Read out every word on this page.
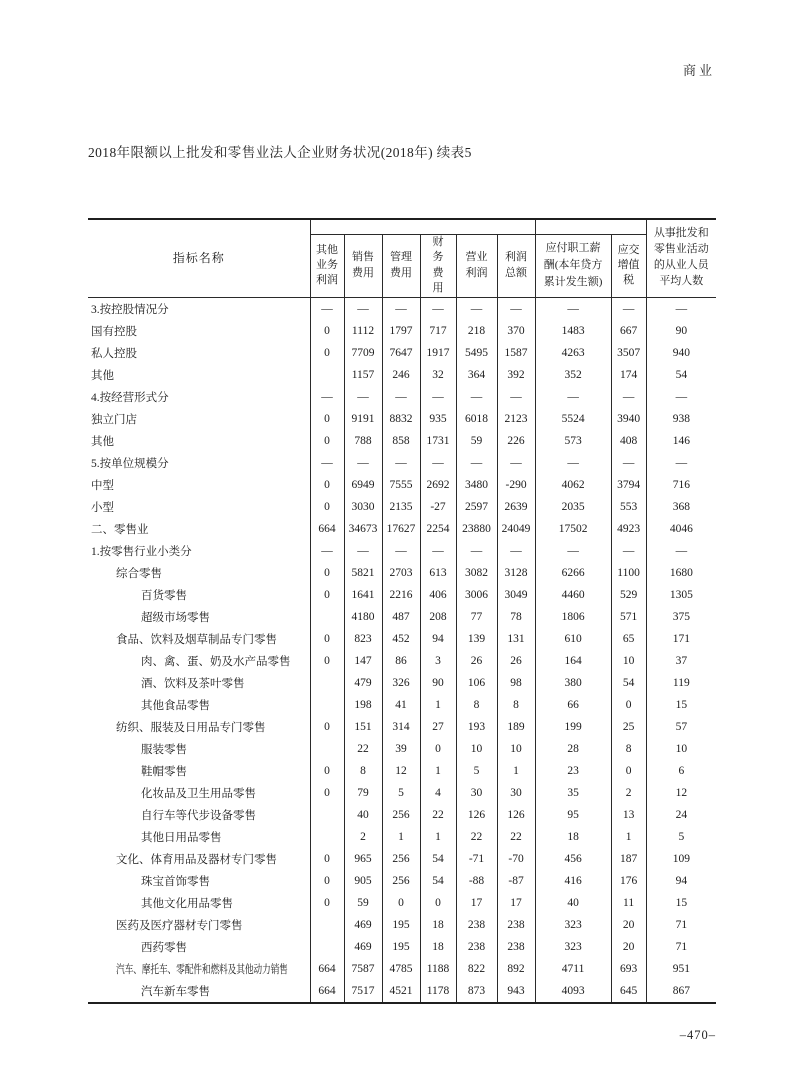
商业
2018年限额以上批发和零售业法人企业财务状况(2018年) 续表5
指标名称									从事批发和零售业活动的从业人员平均人数
	其他业务利润	销售费用	管理费用	财务费用	营业利润	利润总额	应付职工薪酬(本年贷方累计发生额)	应交增值税	
3.按控股情况分	—	—	—	—	—	—	—	—	—
国有控股	0	1112	1797	717	218	370	1483	667	90
私人控股	0	7709	7647	1917	5495	1587	4263	3507	940
其他		1157	246	32	364	392	352	174	54
4.按经营形式分	—	—	—	—	—	—	—	—	—
独立门店	0	9191	8832	935	6018	2123	5524	3940	938
其他	0	788	858	1731	59	226	573	408	146
5.按单位规模分	—	—	—	—	—	—	—	—	—
中型	0	6949	7555	2692	3480	-290	4062	3794	716
小型	0	3030	2135	-27	2597	2639	2035	553	368
二、零售业	664	34673	17627	2254	23880	24049	17502	4923	4046
1.按零售行业小类分	—	—	—	—	—	—	—	—	—
综合零售	0	5821	2703	613	3082	3128	6266	1100	1680
百货零售	0	1641	2216	406	3006	3049	4460	529	1305
超级市场零售		4180	487	208	77	78	1806	571	375
食品、饮料及烟草制品专门零售	0	823	452	94	139	131	610	65	171
肉、禽、蛋、奶及水产品零售	0	147	86	3	26	26	164	10	37
酒、饮料及茶叶零售		479	326	90	106	98	380	54	119
其他食品零售		198	41	1	8	8	66	0	15
纺织、服装及日用品专门零售	0	151	314	27	193	189	199	25	57
服装零售		22	39	0	10	10	28	8	10
鞋帽零售	0	8	12	1	5	1	23	0	6
化妆品及卫生用品零售	0	79	5	4	30	30	35	2	12
自行车等代步设备零售		40	256	22	126	126	95	13	24
其他日用品零售		2	1	1	22	22	18	1	5
文化、体育用品及器材专门零售	0	965	256	54	-71	-70	456	187	109
珠宝首饰零售	0	905	256	54	-88	-87	416	176	94
其他文化用品零售	0	59	0	0	17	17	40	11	15
医药及医疗器材专门零售		469	195	18	238	238	323	20	71
西药零售		469	195	18	238	238	323	20	71
汽车、摩托车、零配件和燃料及其他动力销售	664	7587	4785	1188	822	892	4711	693	951
汽车新车零售	664	7517	4521	1178	873	943	4093	645	867
–470–
